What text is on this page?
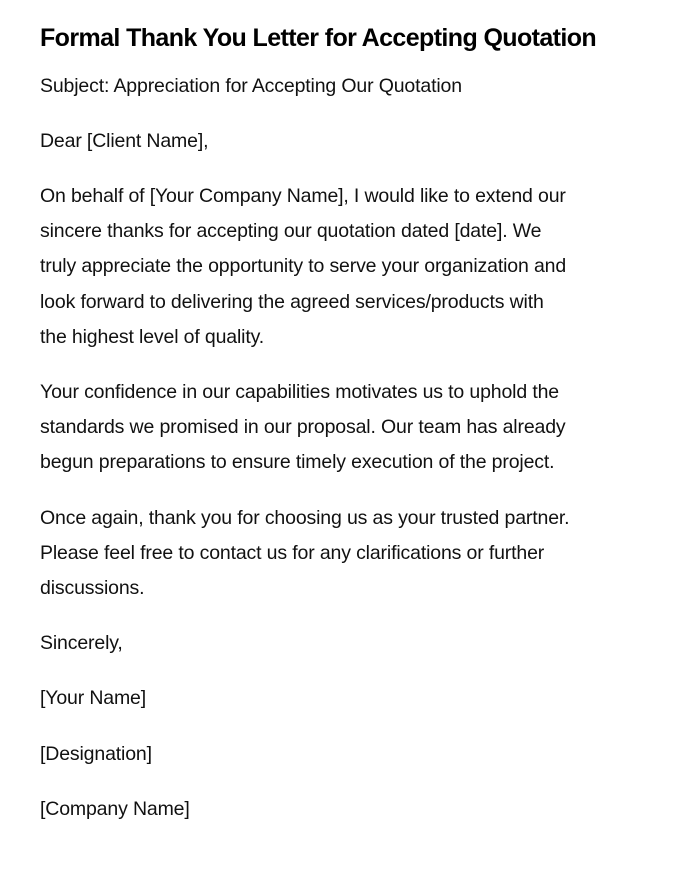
Formal Thank You Letter for Accepting Quotation

Subject: Appreciation for Accepting Our Quotation

Dear [Client Name],

On behalf of [Your Company Name], I would like to extend our
sincere thanks for accepting our quotation dated [date]. We
truly appreciate the opportunity to serve your organization and
look forward to delivering the agreed services/products with
the highest level of quality.

Your confidence in our capabilities motivates us to uphold the
standards we promised in our proposal. Our team has already
begun preparations to ensure timely execution of the project.

Once again, thank you for choosing us as your trusted partner.
Please feel free to contact us for any clarifications or further
discussions.

Sincerely,

[Your Name]

[Designation]

[Company Name]
